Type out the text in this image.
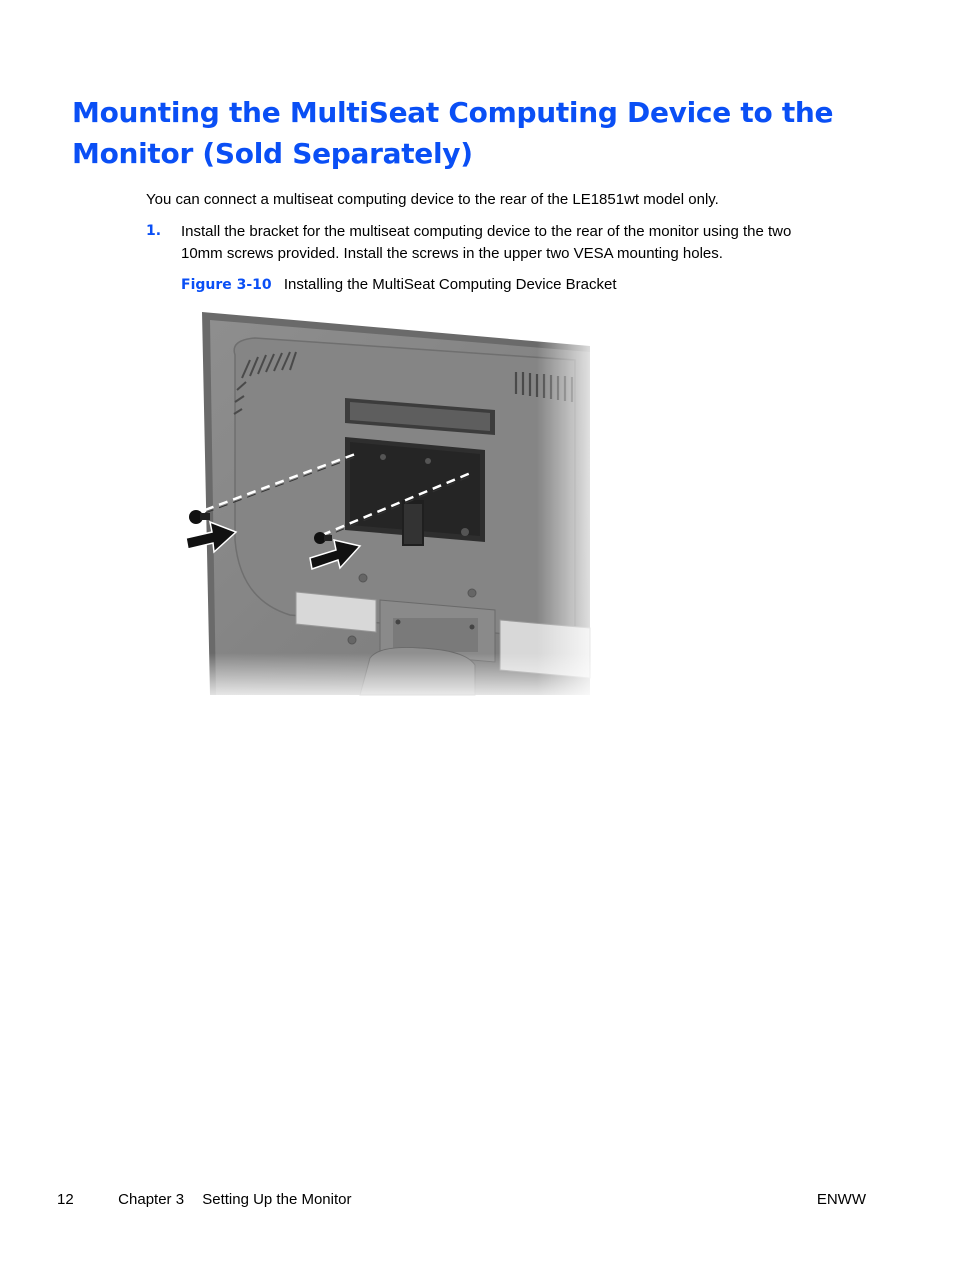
Mounting the MultiSeat Computing Device to the
Monitor (Sold Separately)

You can connect a multiseat computing device to the rear of the LE1851wt model only.

1. Install the bracket for the multiseat computing device to the rear of the monitor using the two 10mm screws provided. Install the screws in the upper two VESA mounting holes.
Figure 3-10 Installing the MultiSeat Computing Device Bracket
12	Chapter 3 Setting Up the Monitor	ENWW
